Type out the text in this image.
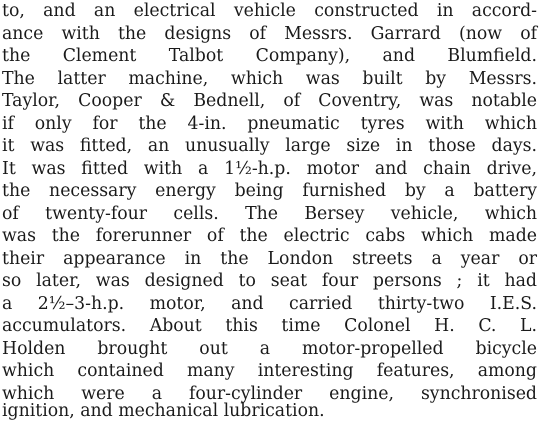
to, and an electrical vehicle constructed in accord-
ance with the designs of Messrs. Garrard (now of
the Clement Talbot Company), and Blumfield.
The latter machine, which was built by Messrs.
Taylor, Cooper & Bednell, of Coventry, was notable
if only for the 4-in. pneumatic tyres with which
it was fitted, an unusually large size in those days.
It was fitted with a 1½-h.p. motor and chain drive,
the necessary energy being furnished by a battery
of twenty-four cells. The Bersey vehicle, which
was the forerunner of the electric cabs which made
their appearance in the London streets a year or
so later, was designed to seat four persons ; it had
a 2½–3-h.p. motor, and carried thirty-two I.E.S.
accumulators. About this time Colonel H. C. L.
Holden brought out a motor-propelled bicycle
which contained many interesting features, among
which were a four-cylinder engine, synchronised
ignition, and mechanical lubrication.
